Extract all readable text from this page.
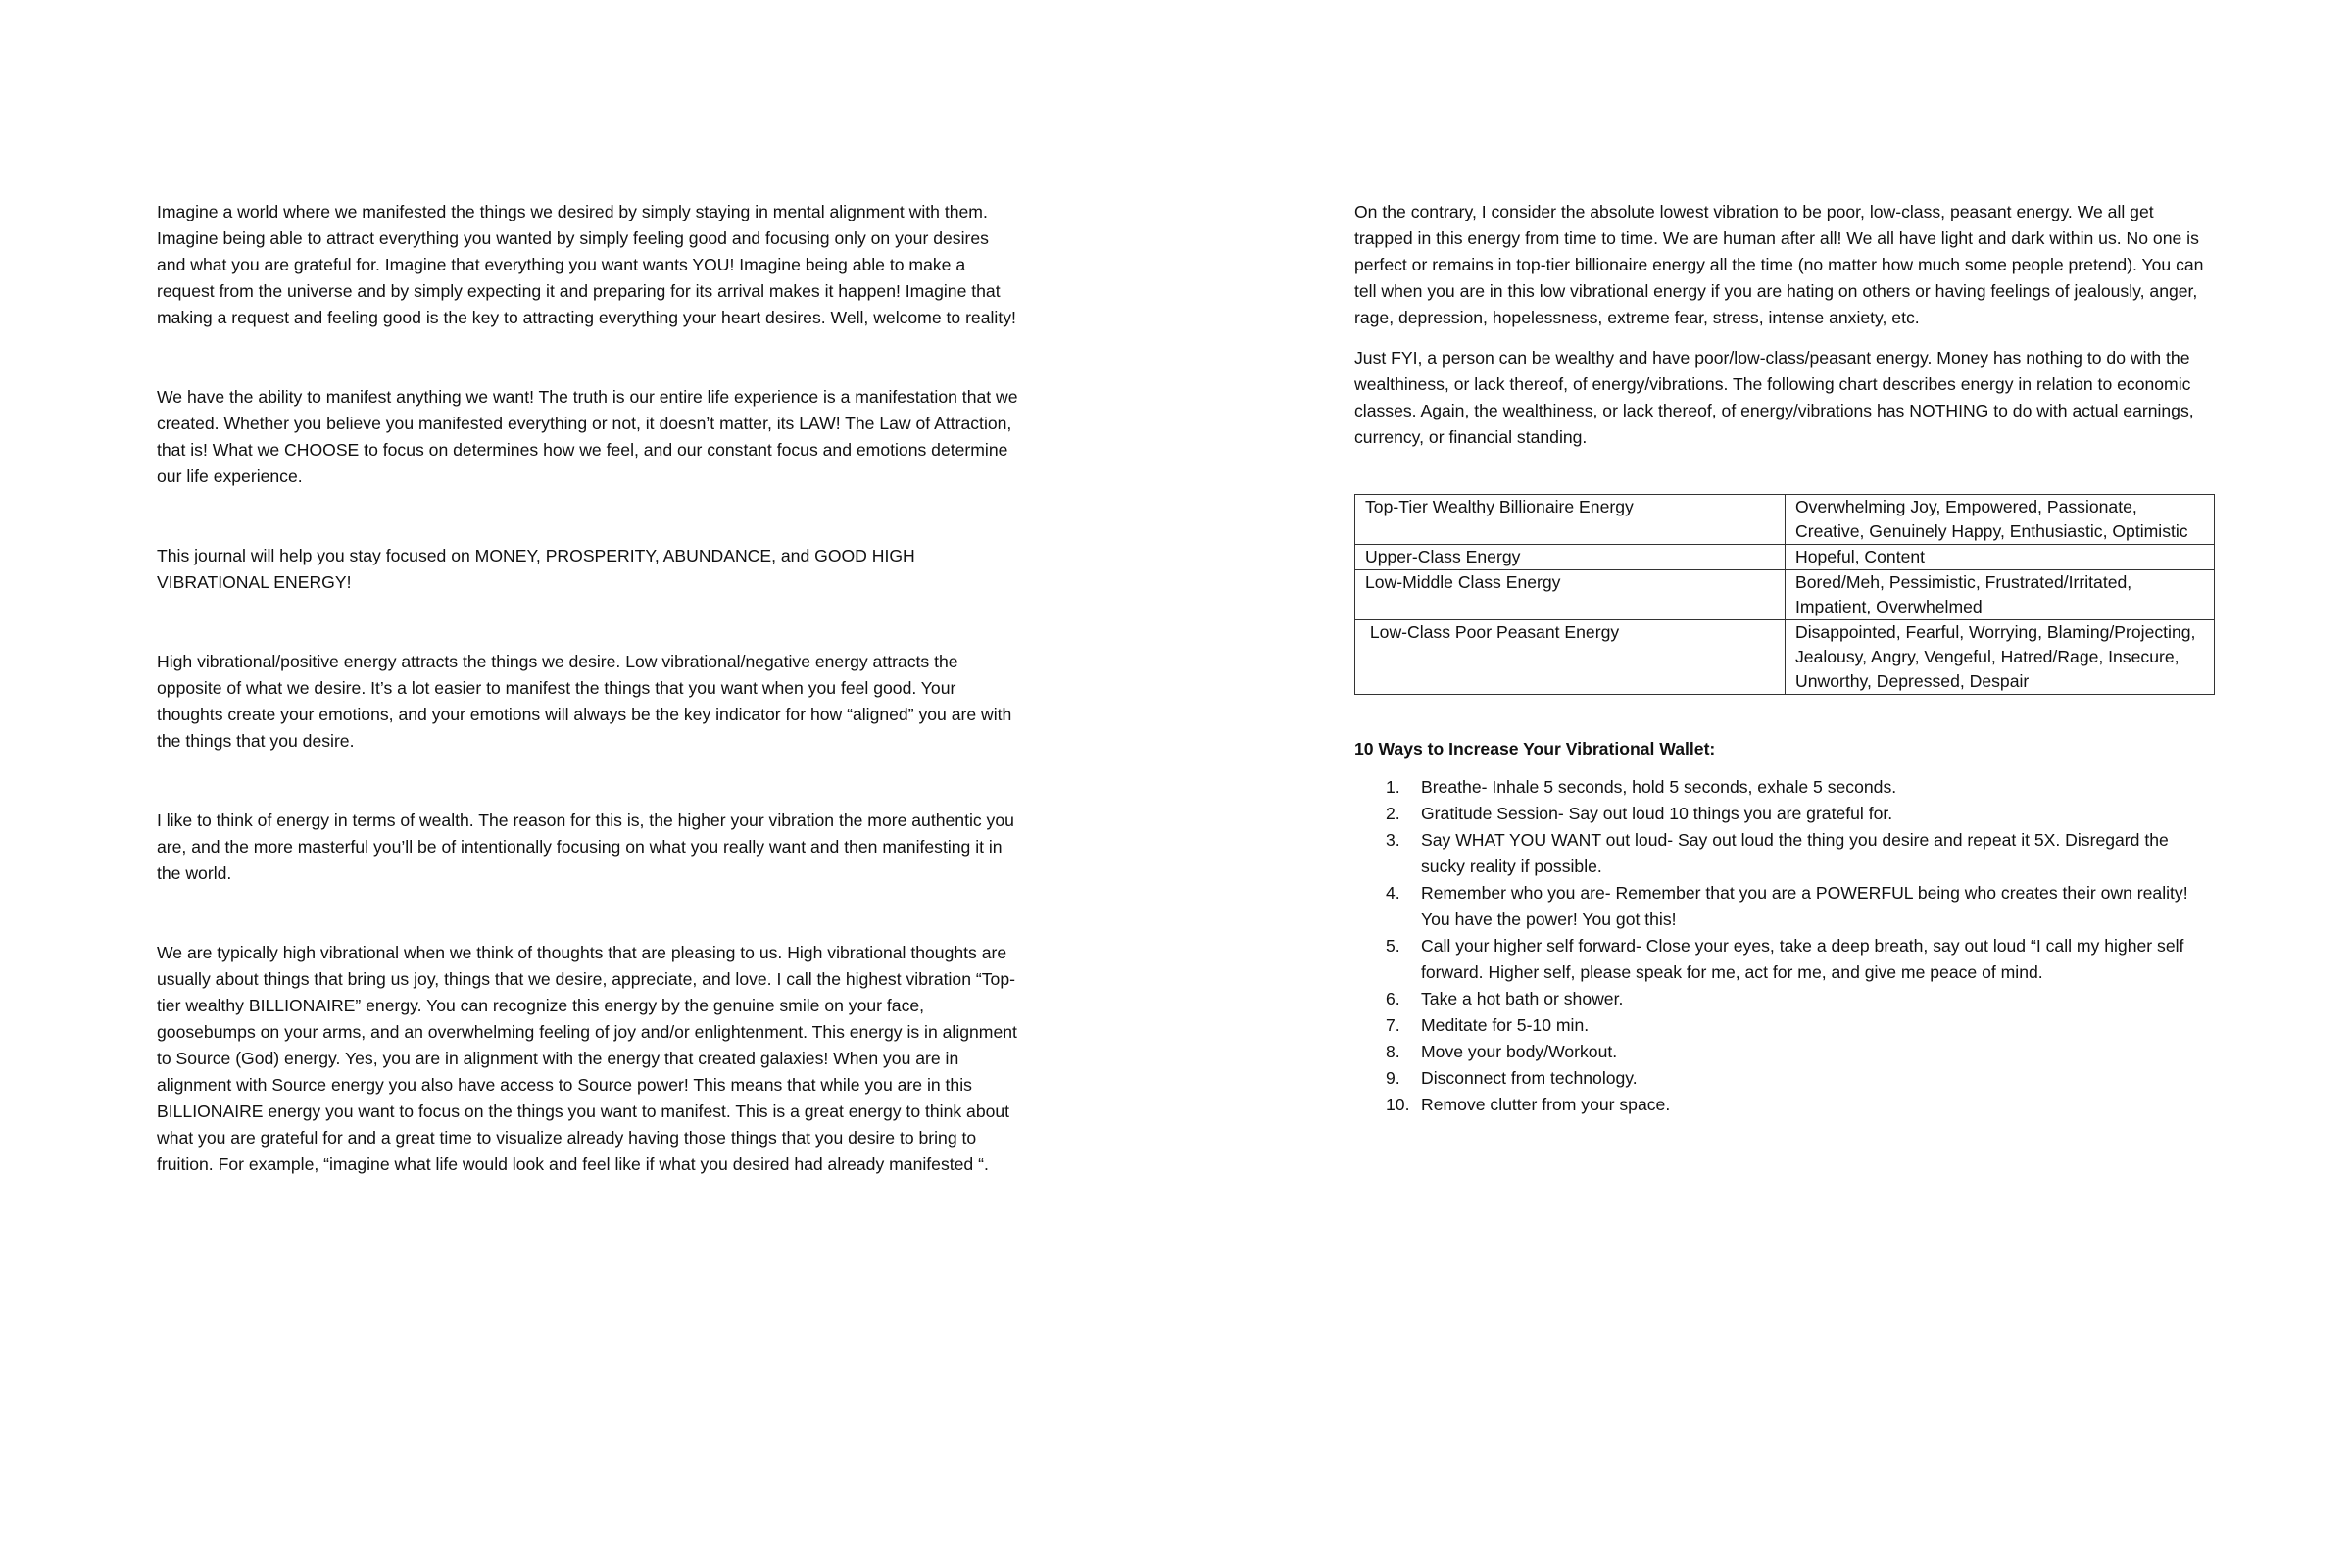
Imagine a world where we manifested the things we desired by simply staying in mental alignment with them. Imagine being able to attract everything you wanted by simply feeling good and focusing only on your desires and what you are grateful for. Imagine that everything you want wants YOU! Imagine being able to make a request from the universe and by simply expecting it and preparing for its arrival makes it happen! Imagine that making a request and feeling good is the key to attracting everything your heart desires. Well, welcome to reality!

We have the ability to manifest anything we want! The truth is our entire life experience is a manifestation that we created. Whether you believe you manifested everything or not, it doesn’t matter, its LAW! The Law of Attraction, that is! What we CHOOSE to focus on determines how we feel, and our constant focus and emotions determine our life experience.

This journal will help you stay focused on MONEY, PROSPERITY, ABUNDANCE, and GOOD HIGH VIBRATIONAL ENERGY!

High vibrational/positive energy attracts the things we desire. Low vibrational/negative energy attracts the opposite of what we desire. It’s a lot easier to manifest the things that you want when you feel good. Your thoughts create your emotions, and your emotions will always be the key indicator for how “aligned” you are with the things that you desire.

I like to think of energy in terms of wealth. The reason for this is, the higher your vibration the more authentic you are, and the more masterful you’ll be of intentionally focusing on what you really want and then manifesting it in the world.

We are typically high vibrational when we think of thoughts that are pleasing to us. High vibrational thoughts are usually about things that bring us joy, things that we desire, appreciate, and love. I call the highest vibration “Top-tier wealthy BILLIONAIRE” energy. You can recognize this energy by the genuine smile on your face, goosebumps on your arms, and an overwhelming feeling of joy and/or enlightenment. This energy is in alignment to Source (God) energy. Yes, you are in alignment with the energy that created galaxies! When you are in alignment with Source energy you also have access to Source power! This means that while you are in this BILLIONAIRE energy you want to focus on the things you want to manifest. This is a great energy to think about what you are grateful for and a great time to visualize already having those things that you desire to bring to fruition. For example, “imagine what life would look and feel like if what you desired had already manifested “.

On the contrary, I consider the absolute lowest vibration to be poor, low-class, peasant energy. We all get trapped in this energy from time to time. We are human after all! We all have light and dark within us. No one is perfect or remains in top-tier billionaire energy all the time (no matter how much some people pretend). You can tell when you are in this low vibrational energy if you are hating on others or having feelings of jealously, anger, rage, depression, hopelessness, extreme fear, stress, intense anxiety, etc.

Just FYI, a person can be wealthy and have poor/low-class/peasant energy. Money has nothing to do with the wealthiness, or lack thereof, of energy/vibrations. The following chart describes energy in relation to economic classes. Again, the wealthiness, or lack thereof, of energy/vibrations has NOTHING to do with actual earnings, currency, or financial standing.

Top-Tier Wealthy Billionaire Energy	Overwhelming Joy, Empowered, Passionate, Creative, Genuinely Happy, Enthusiastic, Optimistic
Upper-Class Energy	Hopeful, Content
Low-Middle Class Energy	Bored/Meh, Pessimistic, Frustrated/Irritated, Impatient, Overwhelmed
Low-Class Poor Peasant Energy	Disappointed, Fearful, Worrying, Blaming/Projecting, Jealousy, Angry, Vengeful, Hatred/Rage, Insecure, Unworthy, Depressed, Despair
10 Ways to Increase Your Vibrational Wallet:
1. Breathe- Inhale 5 seconds, hold 5 seconds, exhale 5 seconds.
2. Gratitude Session- Say out loud 10 things you are grateful for.
3. Say WHAT YOU WANT out loud- Say out loud the thing you desire and repeat it 5X. Disregard the sucky reality if possible.
4. Remember who you are- Remember that you are a POWERFUL being who creates their own reality! You have the power! You got this!
5. Call your higher self forward- Close your eyes, take a deep breath, say out loud “I call my higher self forward. Higher self, please speak for me, act for me, and give me peace of mind.
6. Take a hot bath or shower.
7. Meditate for 5-10 min.
8. Move your body/Workout.
9. Disconnect from technology.
10. Remove clutter from your space.
